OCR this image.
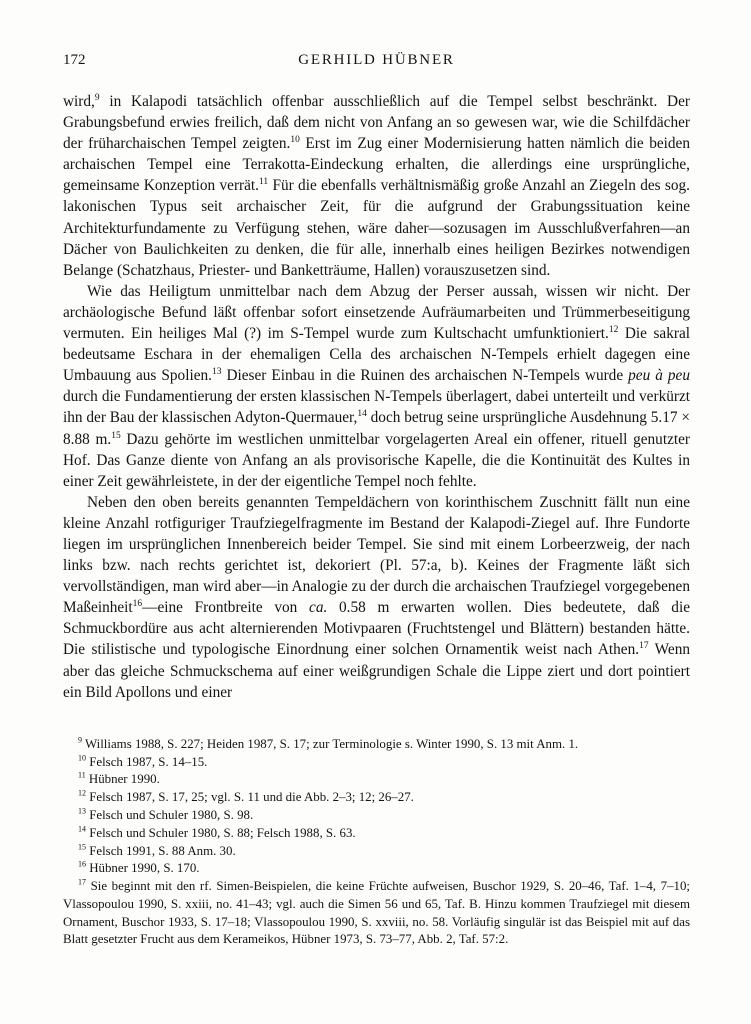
172	GERHILD HÜBNER

wird,$^9$ in Kalapodi tatsächlich offenbar ausschließlich auf die Tempel selbst beschränkt. Der Grabungsbefund erwies freilich, daß dem nicht von Anfang an so gewesen war, wie die Schilfdächer der früharchaischen Tempel zeigten.$^{10}$ Erst im Zug einer Modernisierung hatten nämlich die beiden archaischen Tempel eine Terrakotta-Eindeckung erhalten, die allerdings eine ursprüngliche, gemeinsame Konzeption verrät.$^{11}$ Für die ebenfalls verhältnismäßig große Anzahl an Ziegeln des sog. lakonischen Typus seit archaischer Zeit, für die aufgrund der Grabungssituation keine Architekturfundamente zu Verfügung stehen, wäre daher—sozusagen im Ausschlußverfahren—an Dächer von Baulichkeiten zu denken, die für alle, innerhalb eines heiligen Bezirkes notwendigen Belange (Schatzhaus, Priester- und Banketträume, Hallen) vorauszusetzen sind.

Wie das Heiligtum unmittelbar nach dem Abzug der Perser aussah, wissen wir nicht. Der archäologische Befund läßt offenbar sofort einsetzende Aufräumarbeiten und Trümmerbeseitigung vermuten. Ein heiliges Mal (?) im S-Tempel wurde zum Kultschacht umfunktioniert.$^{12}$ Die sakral bedeutsame Eschara in der ehemaligen Cella des archaischen N-Tempels erhielt dagegen eine Umbauung aus Spolien.$^{13}$ Dieser Einbau in die Ruinen des archaischen N-Tempels wurde peu à peu durch die Fundamentierung der ersten klassischen N-Tempels überlagert, dabei unterteilt und verkürzt ihn der Bau der klassischen Adyton-Quermauer,$^{14}$ doch betrug seine ursprüngliche Ausdehnung 5.17 × 8.88 m.$^{15}$ Dazu gehörte im westlichen unmittelbar vorgelagerten Areal ein offener, rituell genutzter Hof. Das Ganze diente von Anfang an als provisorische Kapelle, die die Kontinuität des Kultes in einer Zeit gewährleistete, in der der eigentliche Tempel noch fehlte.

Neben den oben bereits genannten Tempeldächern von korinthischem Zuschnitt fällt nun eine kleine Anzahl rotfiguriger Traufziegelfragmente im Bestand der Kalapodi-Ziegel auf. Ihre Fundorte liegen im ursprünglichen Innenbereich beider Tempel. Sie sind mit einem Lorbeerzweig, der nach links bzw. nach rechts gerichtet ist, dekoriert (Pl. 57:a, b). Keines der Fragmente läßt sich vervollständigen, man wird aber—in Analogie zu der durch die archaischen Traufziegel vorgegebenen Maßeinheit$^{16}$—eine Frontbreite von ca. 0.58 m erwarten wollen. Dies bedeutete, daß die Schmuckbordüre aus acht alternierenden Motivpaaren (Fruchtstengel und Blättern) bestanden hätte. Die stilistische und typologische Einordnung einer solchen Ornamentik weist nach Athen.$^{17}$ Wenn aber das gleiche Schmuckschema auf einer weißgrundigen Schale die Lippe ziert und dort pointiert ein Bild Apollons und einer

$^9$ Williams 1988, S. 227; Heiden 1987, S. 17; zur Terminologie s. Winter 1990, S. 13 mit Anm. 1.

$^{10}$ Felsch 1987, S. 14–15.

$^{11}$ Hübner 1990.

$^{12}$ Felsch 1987, S. 17, 25; vgl. S. 11 und die Abb. 2–3; 12; 26–27.

$^{13}$ Felsch und Schuler 1980, S. 98.

$^{14}$ Felsch und Schuler 1980, S. 88; Felsch 1988, S. 63.

$^{15}$ Felsch 1991, S. 88 Anm. 30.

$^{16}$ Hübner 1990, S. 170.

$^{17}$ Sie beginnt mit den rf. Simen-Beispielen, die keine Früchte aufweisen, Buschor 1929, S. 20–46, Taf. 1–4, 7–10; Vlassopoulou 1990, S. xxiii, no. 41–43; vgl. auch die Simen 56 und 65, Taf. B. Hinzu kommen Traufziegel mit diesem Ornament, Buschor 1933, S. 17–18; Vlassopoulou 1990, S. xxviii, no. 58. Vorläufig singulär ist das Beispiel mit auf das Blatt gesetzter Frucht aus dem Kerameikos, Hübner 1973, S. 73–77, Abb. 2, Taf. 57:2.
